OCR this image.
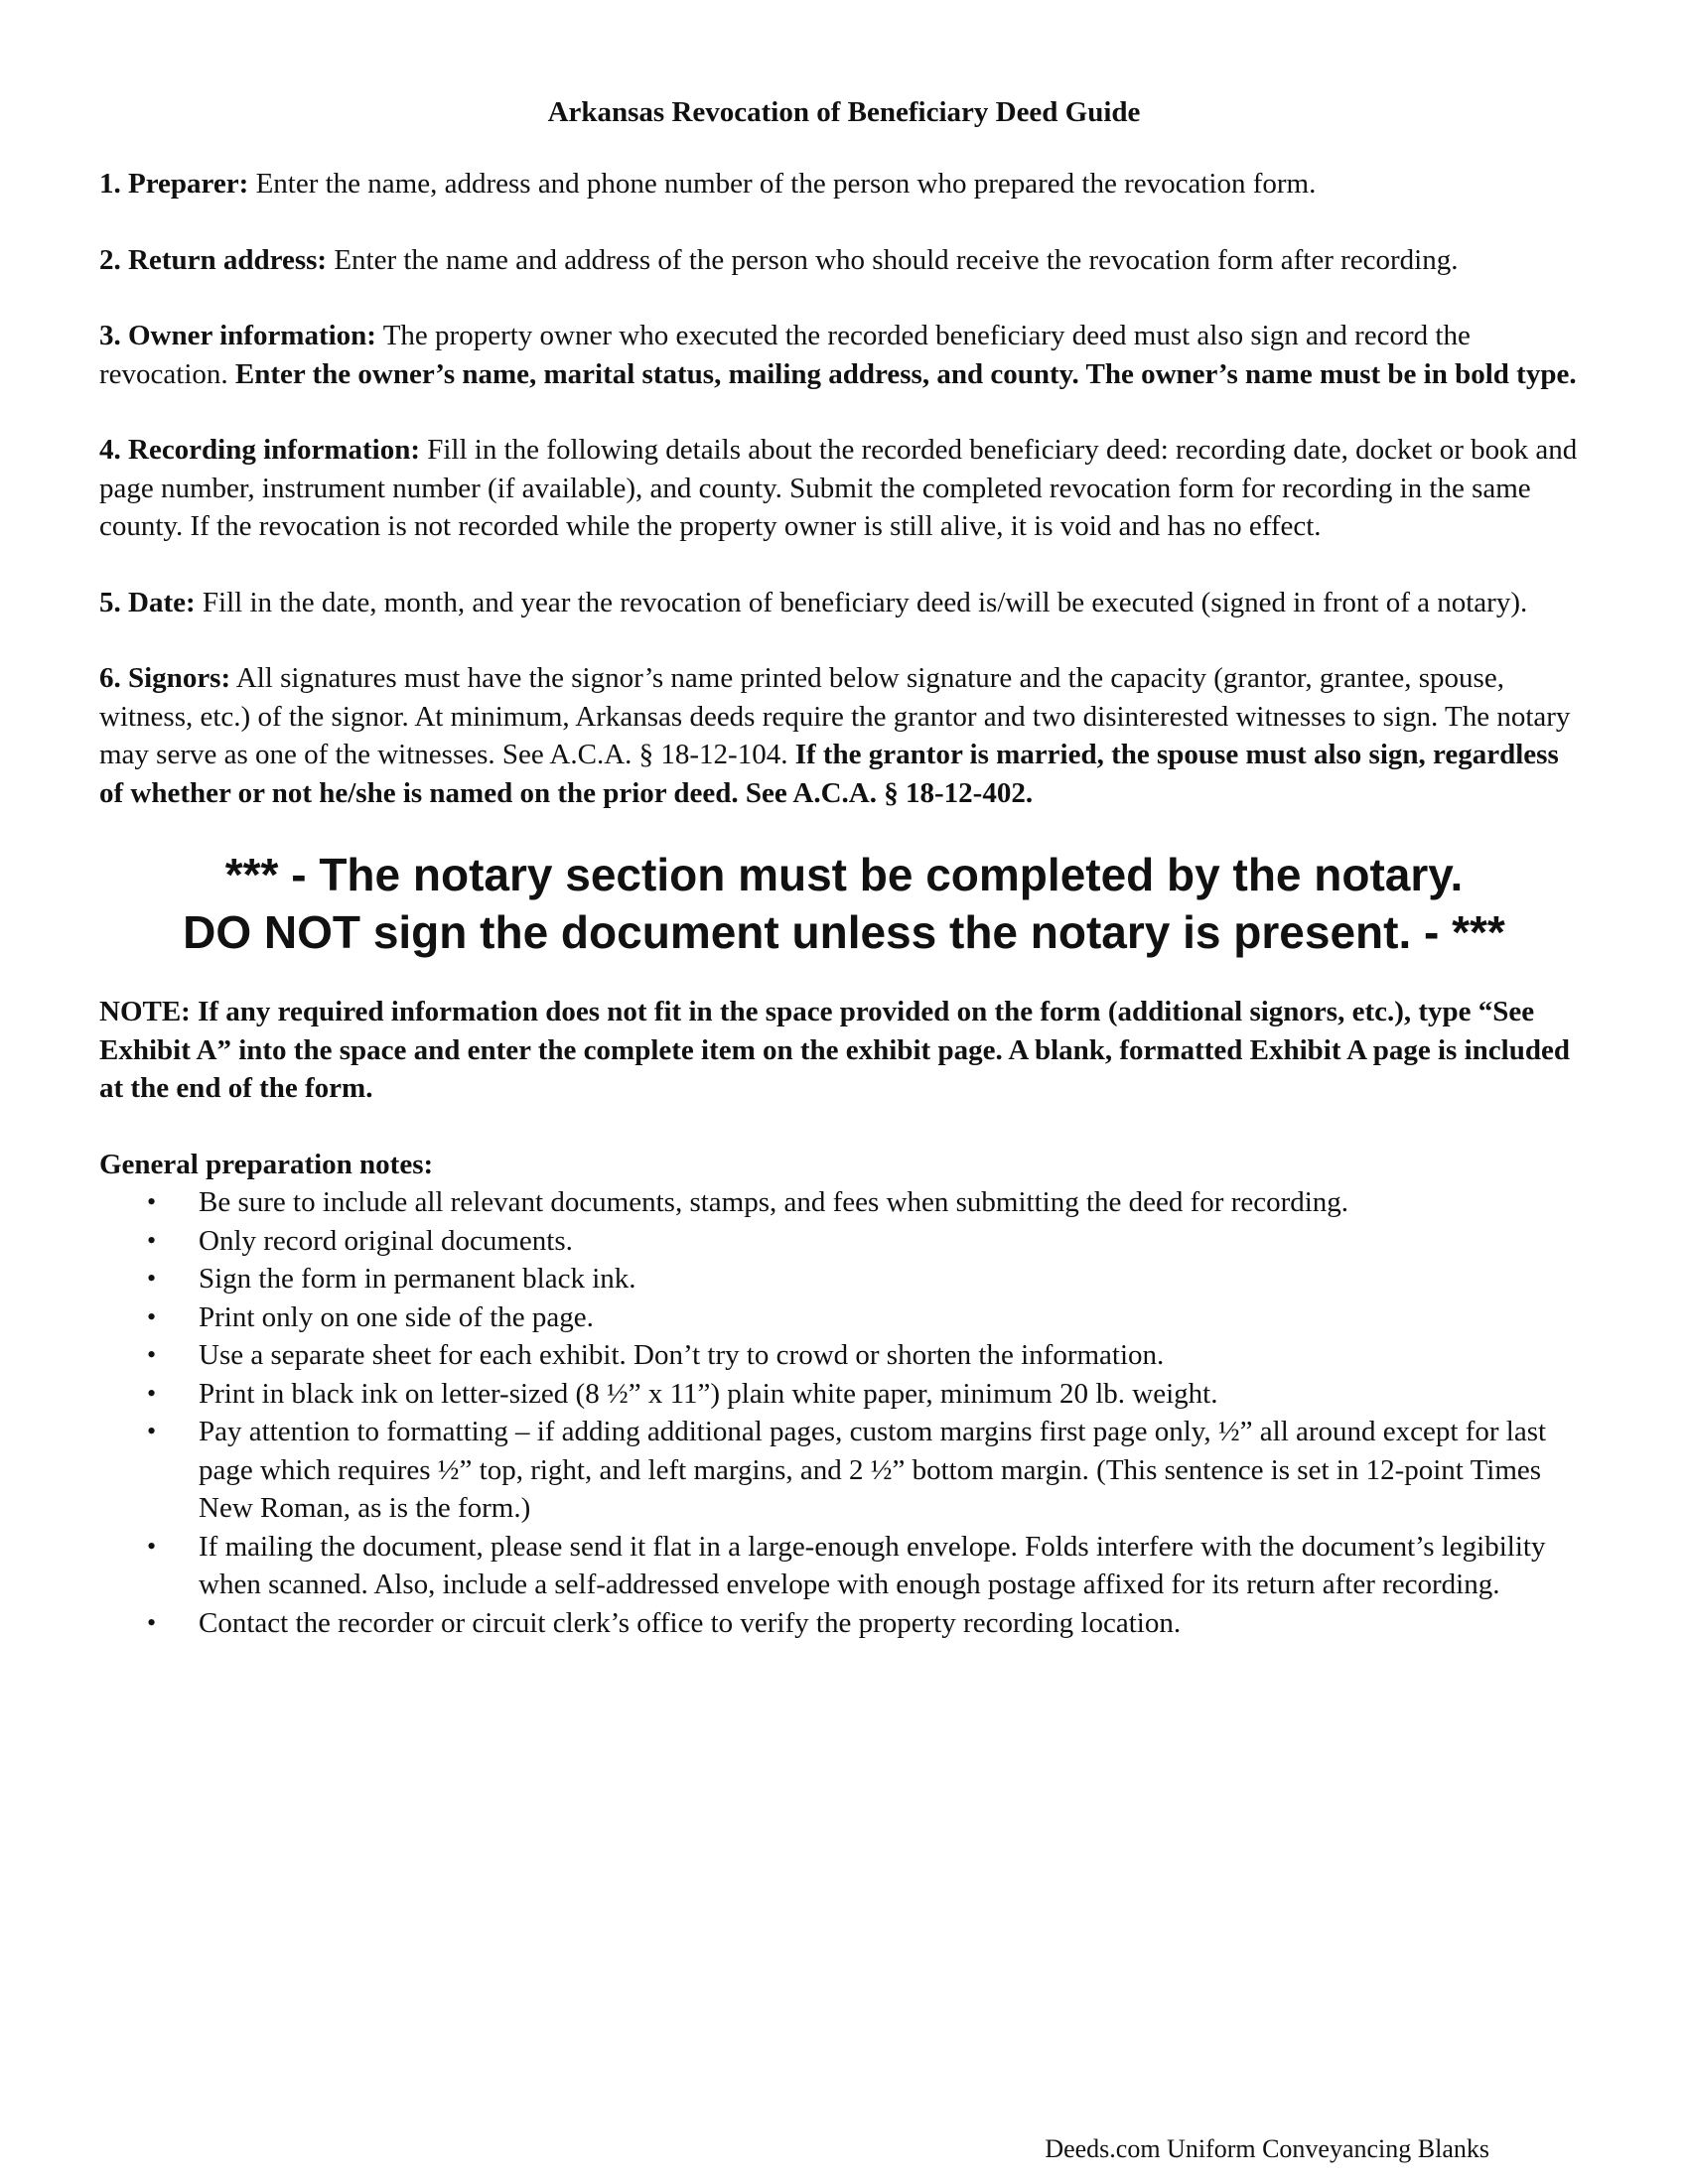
Arkansas Revocation of Beneficiary Deed Guide

1. Preparer: Enter the name, address and phone number of the person who prepared the revocation form.

2. Return address: Enter the name and address of the person who should receive the revocation form after recording.

3. Owner information: The property owner who executed the recorded beneficiary deed must also sign and record the revocation. Enter the owner’s name, marital status, mailing address, and county. The owner’s name must be in bold type.

4. Recording information: Fill in the following details about the recorded beneficiary deed: recording date, docket or book and page number, instrument number (if available), and county. Submit the completed revocation form for recording in the same county. If the revocation is not recorded while the property owner is still alive, it is void and has no effect.

5. Date: Fill in the date, month, and year the revocation of beneficiary deed is/will be executed (signed in front of a notary).

6. Signors: All signatures must have the signor’s name printed below signature and the capacity (grantor, grantee, spouse, witness, etc.) of the signor. At minimum, Arkansas deeds require the grantor and two disinterested witnesses to sign. The notary may serve as one of the witnesses. See A.C.A. § 18-12-104. If the grantor is married, the spouse must also sign, regardless of whether or not he/she is named on the prior deed. See A.C.A. § 18-12-402.

*** - The notary section must be completed by the notary.
DO NOT sign the document unless the notary is present. - ***

NOTE: If any required information does not fit in the space provided on the form (additional signors, etc.), type “See Exhibit A” into the space and enter the complete item on the exhibit page. A blank, formatted Exhibit A page is included at the end of the form.

General preparation notes:

• Be sure to include all relevant documents, stamps, and fees when submitting the deed for recording.
• Only record original documents.
• Sign the form in permanent black ink.
• Print only on one side of the page.
• Use a separate sheet for each exhibit. Don’t try to crowd or shorten the information.
• Print in black ink on letter-sized (8 ½” x 11”) plain white paper, minimum 20 lb. weight.
• Pay attention to formatting – if adding additional pages, custom margins first page only, ½” all around except for last page which requires ½” top, right, and left margins, and 2 ½” bottom margin. (This sentence is set in 12-point Times New Roman, as is the form.)
• If mailing the document, please send it flat in a large-enough envelope. Folds interfere with the document’s legibility when scanned. Also, include a self-addressed envelope with enough postage affixed for its return after recording.
• Contact the recorder or circuit clerk’s office to verify the property recording location.
Deeds.com Uniform Conveyancing Blanks
